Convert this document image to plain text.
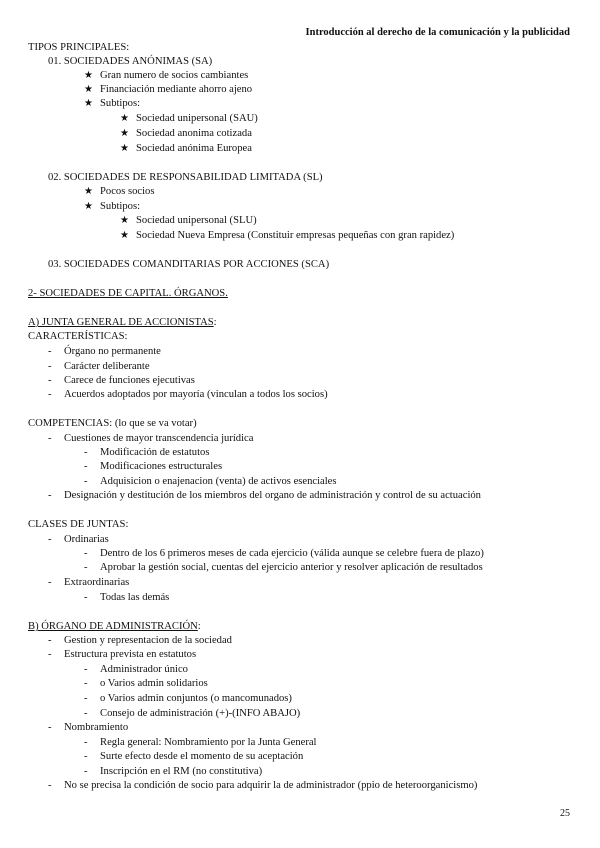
Introducción al derecho de la comunicación y la publicidad
TIPOS PRINCIPALES:
01. SOCIEDADES ANÓNIMAS (SA)
★ Gran numero de socios cambiantes
★ Financiación mediante ahorro ajeno
★ Subtipos:
★ Sociedad unipersonal (SAU)
★ Sociedad anonima cotizada
★ Sociedad anónima Europea
02. SOCIEDADES DE RESPONSABILIDAD LIMITADA (SL)
★ Pocos socios
★ Subtipos:
★ Sociedad unipersonal (SLU)
★ Sociedad Nueva Empresa (Constituir empresas pequeñas con gran rapidez)
03. SOCIEDADES COMANDITARIAS POR ACCIONES (SCA)
2- SOCIEDADES DE CAPITAL. ÓRGANOS.
A) JUNTA GENERAL DE ACCIONISTAS:
CARACTERÍSTICAS:
- Órgano no permanente
- Carácter deliberante
- Carece de funciones ejecutivas
- Acuerdos adoptados por mayoría (vinculan a todos los socios)
COMPETENCIAS: (lo que se va votar)
- Cuestiones de mayor transcendencia jurídica
- Modificación de estatutos
- Modificaciones estructurales
- Adquisicion o enajenacion (venta) de activos esenciales
- Designación y destitución de los miembros del organo de administración y control de su actuación
CLASES DE JUNTAS:
- Ordinarias
- Dentro de los 6 primeros meses de cada ejercicio (válida aunque se celebre fuera de plazo)
- Aprobar la gestión social, cuentas del ejercicio anterior y resolver aplicación de resultados
- Extraordinarias
- Todas las demás
B) ÓRGANO DE ADMINISTRACIÓN:
- Gestion y representacion de la sociedad
- Estructura prevista en estatutos
- Administrador único
- o Varios admin solidarios
- o Varios admin conjuntos (o mancomunados)
- Consejo de administración (+)-(INFO ABAJO)
- Nombramiento
- Regla general: Nombramiento por la Junta General
- Surte efecto desde el momento de su aceptación
- Inscripción en el RM (no constitutiva)
- No se precisa la condición de socio para adquirir la de administrador (ppio de heteroorganicismo)
25
